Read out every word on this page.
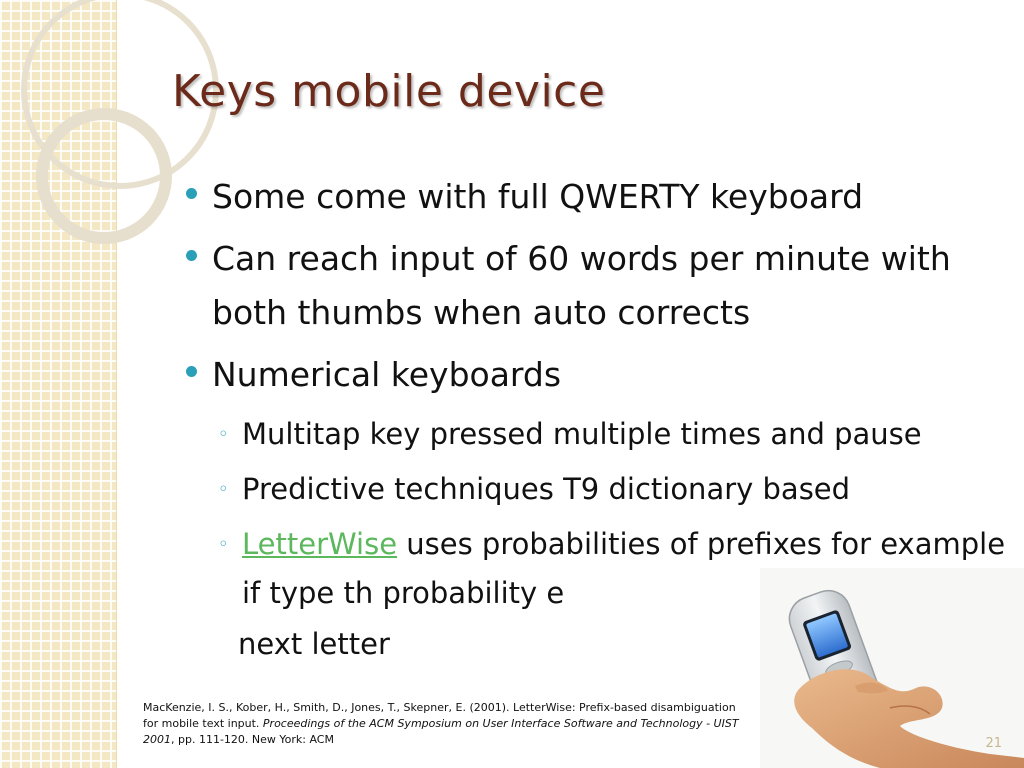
Keys mobile device
Some come with full QWERTY keyboard
Can reach input of 60 words per minute with both thumbs when auto corrects
Numerical keyboards
◦ Multitap key pressed multiple times and pause
◦ Predictive techniques T9 dictionary based
◦ LetterWise uses probabilities of prefixes for example if type th probability e
next letter
MacKenzie, I. S., Kober, H., Smith, D., Jones, T., Skepner, E. (2001). LetterWise: Prefix-based disambiguation for mobile text input. Proceedings of the ACM Symposium on User Interface Software and Technology - UIST 2001, pp. 111-120. New York: ACM	21
